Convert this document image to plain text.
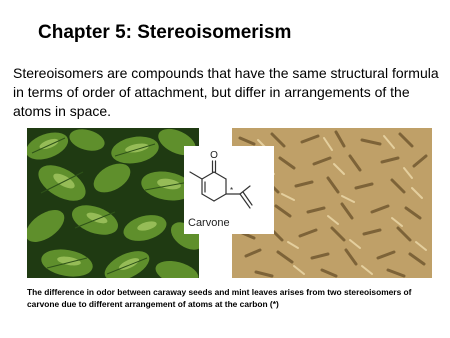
Chapter 5: Stereoisomerism
Stereoisomers are compounds that have the same structural formula in terms of order of attachment, but differ in arrangements of the atoms in space.
O
*
Carvone
The difference in odor between caraway seeds and mint leaves arises from two stereoisomers of carvone due to different arrangement of atoms at the carbon (*)
